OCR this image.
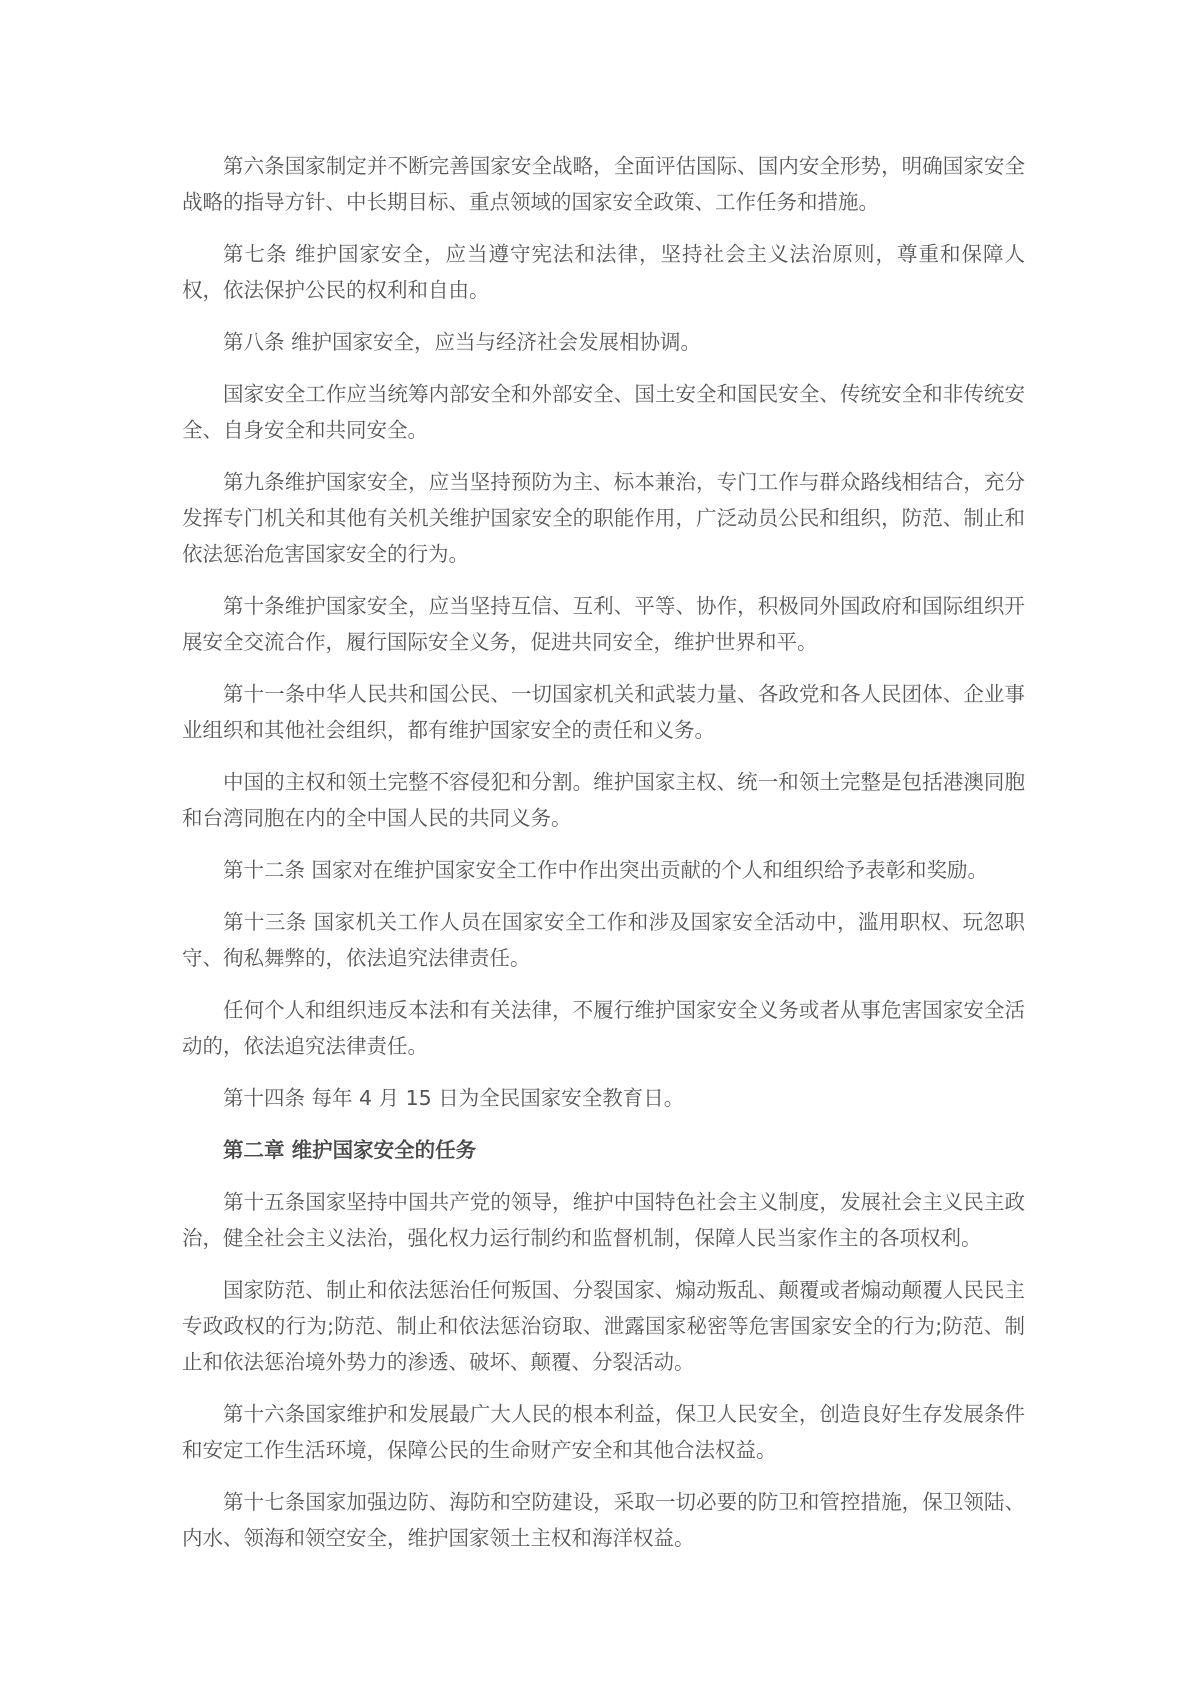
第六条国家制定并不断完善国家安全战略，全面评估国际、国内安全形势，明确国家安全战略的指导方针、中长期目标、重点领域的国家安全政策、工作任务和措施。

第七条 维护国家安全，应当遵守宪法和法律，坚持社会主义法治原则，尊重和保障人权，依法保护公民的权利和自由。

第八条 维护国家安全，应当与经济社会发展相协调。

国家安全工作应当统筹内部安全和外部安全、国土安全和国民安全、传统安全和非传统安全、自身安全和共同安全。

第九条维护国家安全，应当坚持预防为主、标本兼治，专门工作与群众路线相结合，充分发挥专门机关和其他有关机关维护国家安全的职能作用，广泛动员公民和组织，防范、制止和依法惩治危害国家安全的行为。

第十条维护国家安全，应当坚持互信、互利、平等、协作，积极同外国政府和国际组织开展安全交流合作，履行国际安全义务，促进共同安全，维护世界和平。

第十一条中华人民共和国公民、一切国家机关和武装力量、各政党和各人民团体、企业事业组织和其他社会组织，都有维护国家安全的责任和义务。

中国的主权和领土完整不容侵犯和分割。维护国家主权、统一和领土完整是包括港澳同胞和台湾同胞在内的全中国人民的共同义务。

第十二条 国家对在维护国家安全工作中作出突出贡献的个人和组织给予表彰和奖励。

第十三条 国家机关工作人员在国家安全工作和涉及国家安全活动中，滥用职权、玩忽职守、徇私舞弊的，依法追究法律责任。

任何个人和组织违反本法和有关法律，不履行维护国家安全义务或者从事危害国家安全活动的，依法追究法律责任。

第十四条 每年 4 月 15 日为全民国家安全教育日。

第二章 维护国家安全的任务

第十五条国家坚持中国共产党的领导，维护中国特色社会主义制度，发展社会主义民主政治，健全社会主义法治，强化权力运行制约和监督机制，保障人民当家作主的各项权利。

国家防范、制止和依法惩治任何叛国、分裂国家、煽动叛乱、颠覆或者煽动颠覆人民民主专政政权的行为;防范、制止和依法惩治窃取、泄露国家秘密等危害国家安全的行为;防范、制止和依法惩治境外势力的渗透、破坏、颠覆、分裂活动。

第十六条国家维护和发展最广大人民的根本利益，保卫人民安全，创造良好生存发展条件和安定工作生活环境，保障公民的生命财产安全和其他合法权益。

第十七条国家加强边防、海防和空防建设，采取一切必要的防卫和管控措施，保卫领陆、内水、领海和领空安全，维护国家领土主权和海洋权益。
